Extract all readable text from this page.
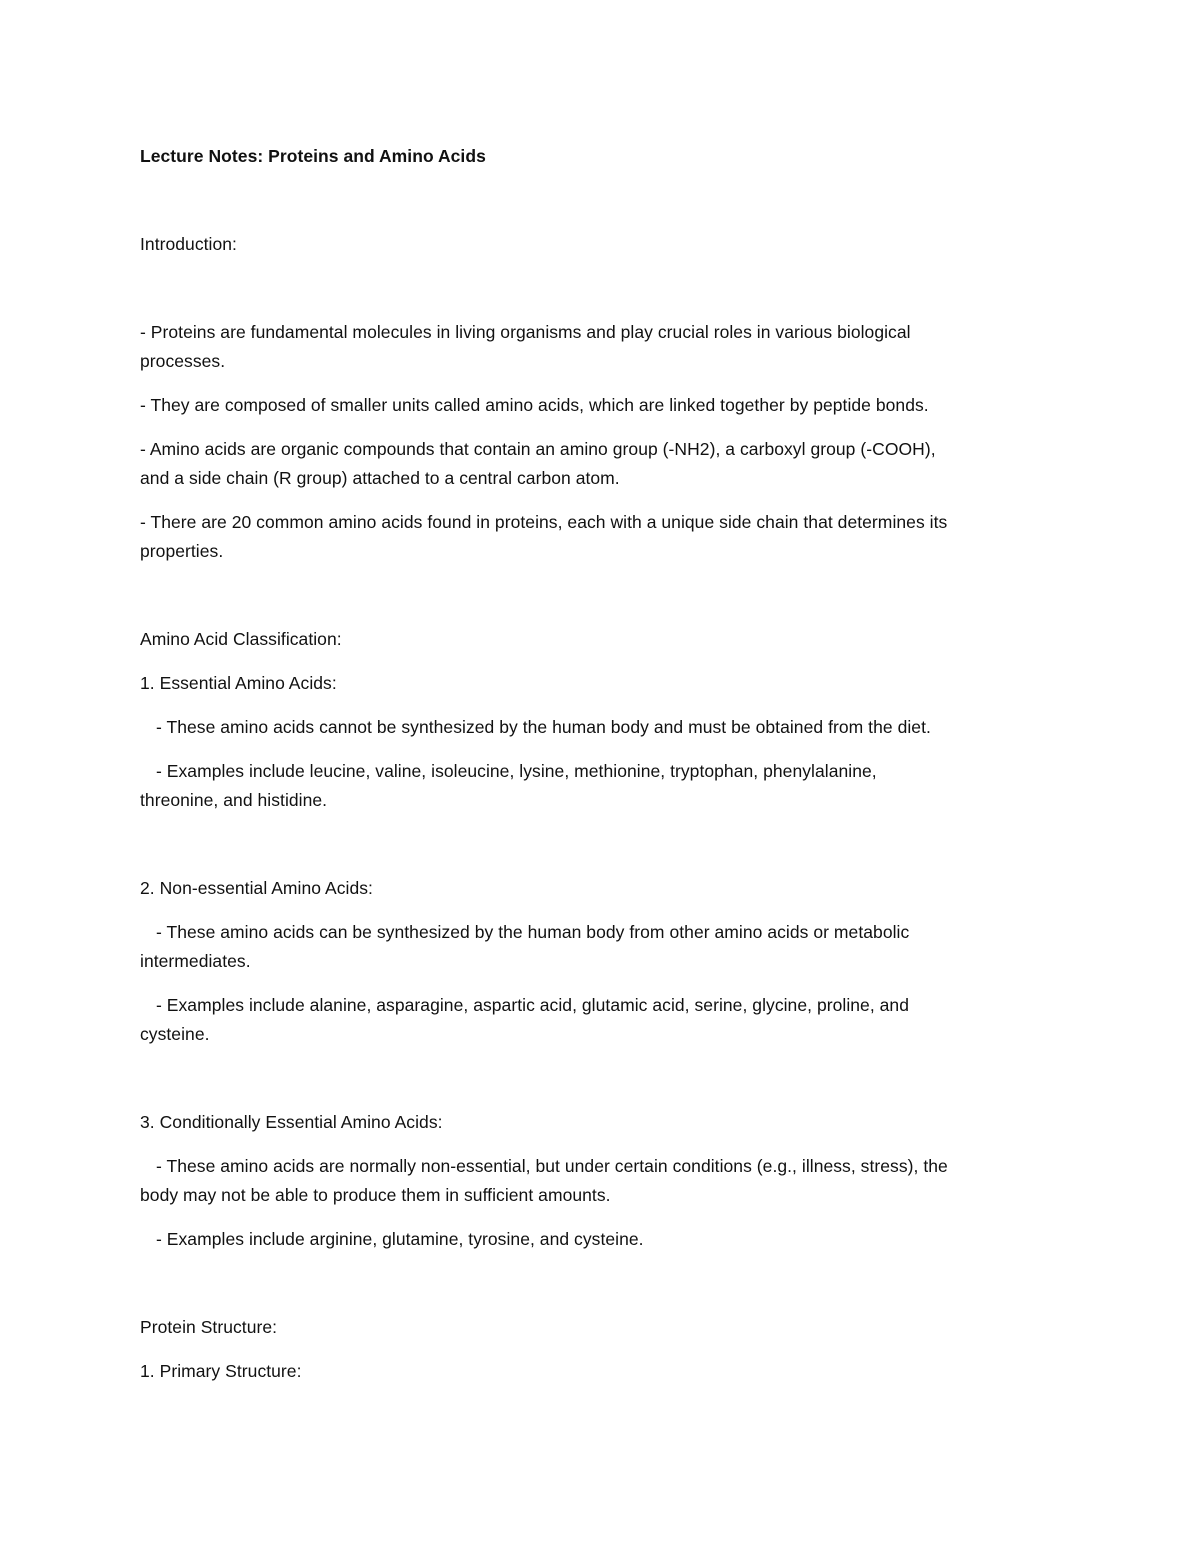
Lecture Notes: Proteins and Amino Acids
Introduction:
- Proteins are fundamental molecules in living organisms and play crucial roles in various biological
processes.
- They are composed of smaller units called amino acids, which are linked together by peptide bonds.
- Amino acids are organic compounds that contain an amino group (-NH2), a carboxyl group (-COOH),
and a side chain (R group) attached to a central carbon atom.
- There are 20 common amino acids found in proteins, each with a unique side chain that determines its
properties.
Amino Acid Classification:
1. Essential Amino Acids:
- These amino acids cannot be synthesized by the human body and must be obtained from the diet.
- Examples include leucine, valine, isoleucine, lysine, methionine, tryptophan, phenylalanine,
threonine, and histidine.
2. Non-essential Amino Acids:
- These amino acids can be synthesized by the human body from other amino acids or metabolic
intermediates.
- Examples include alanine, asparagine, aspartic acid, glutamic acid, serine, glycine, proline, and
cysteine.
3. Conditionally Essential Amino Acids:
- These amino acids are normally non-essential, but under certain conditions (e.g., illness, stress), the
body may not be able to produce them in sufficient amounts.
- Examples include arginine, glutamine, tyrosine, and cysteine.
Protein Structure:
1. Primary Structure:
